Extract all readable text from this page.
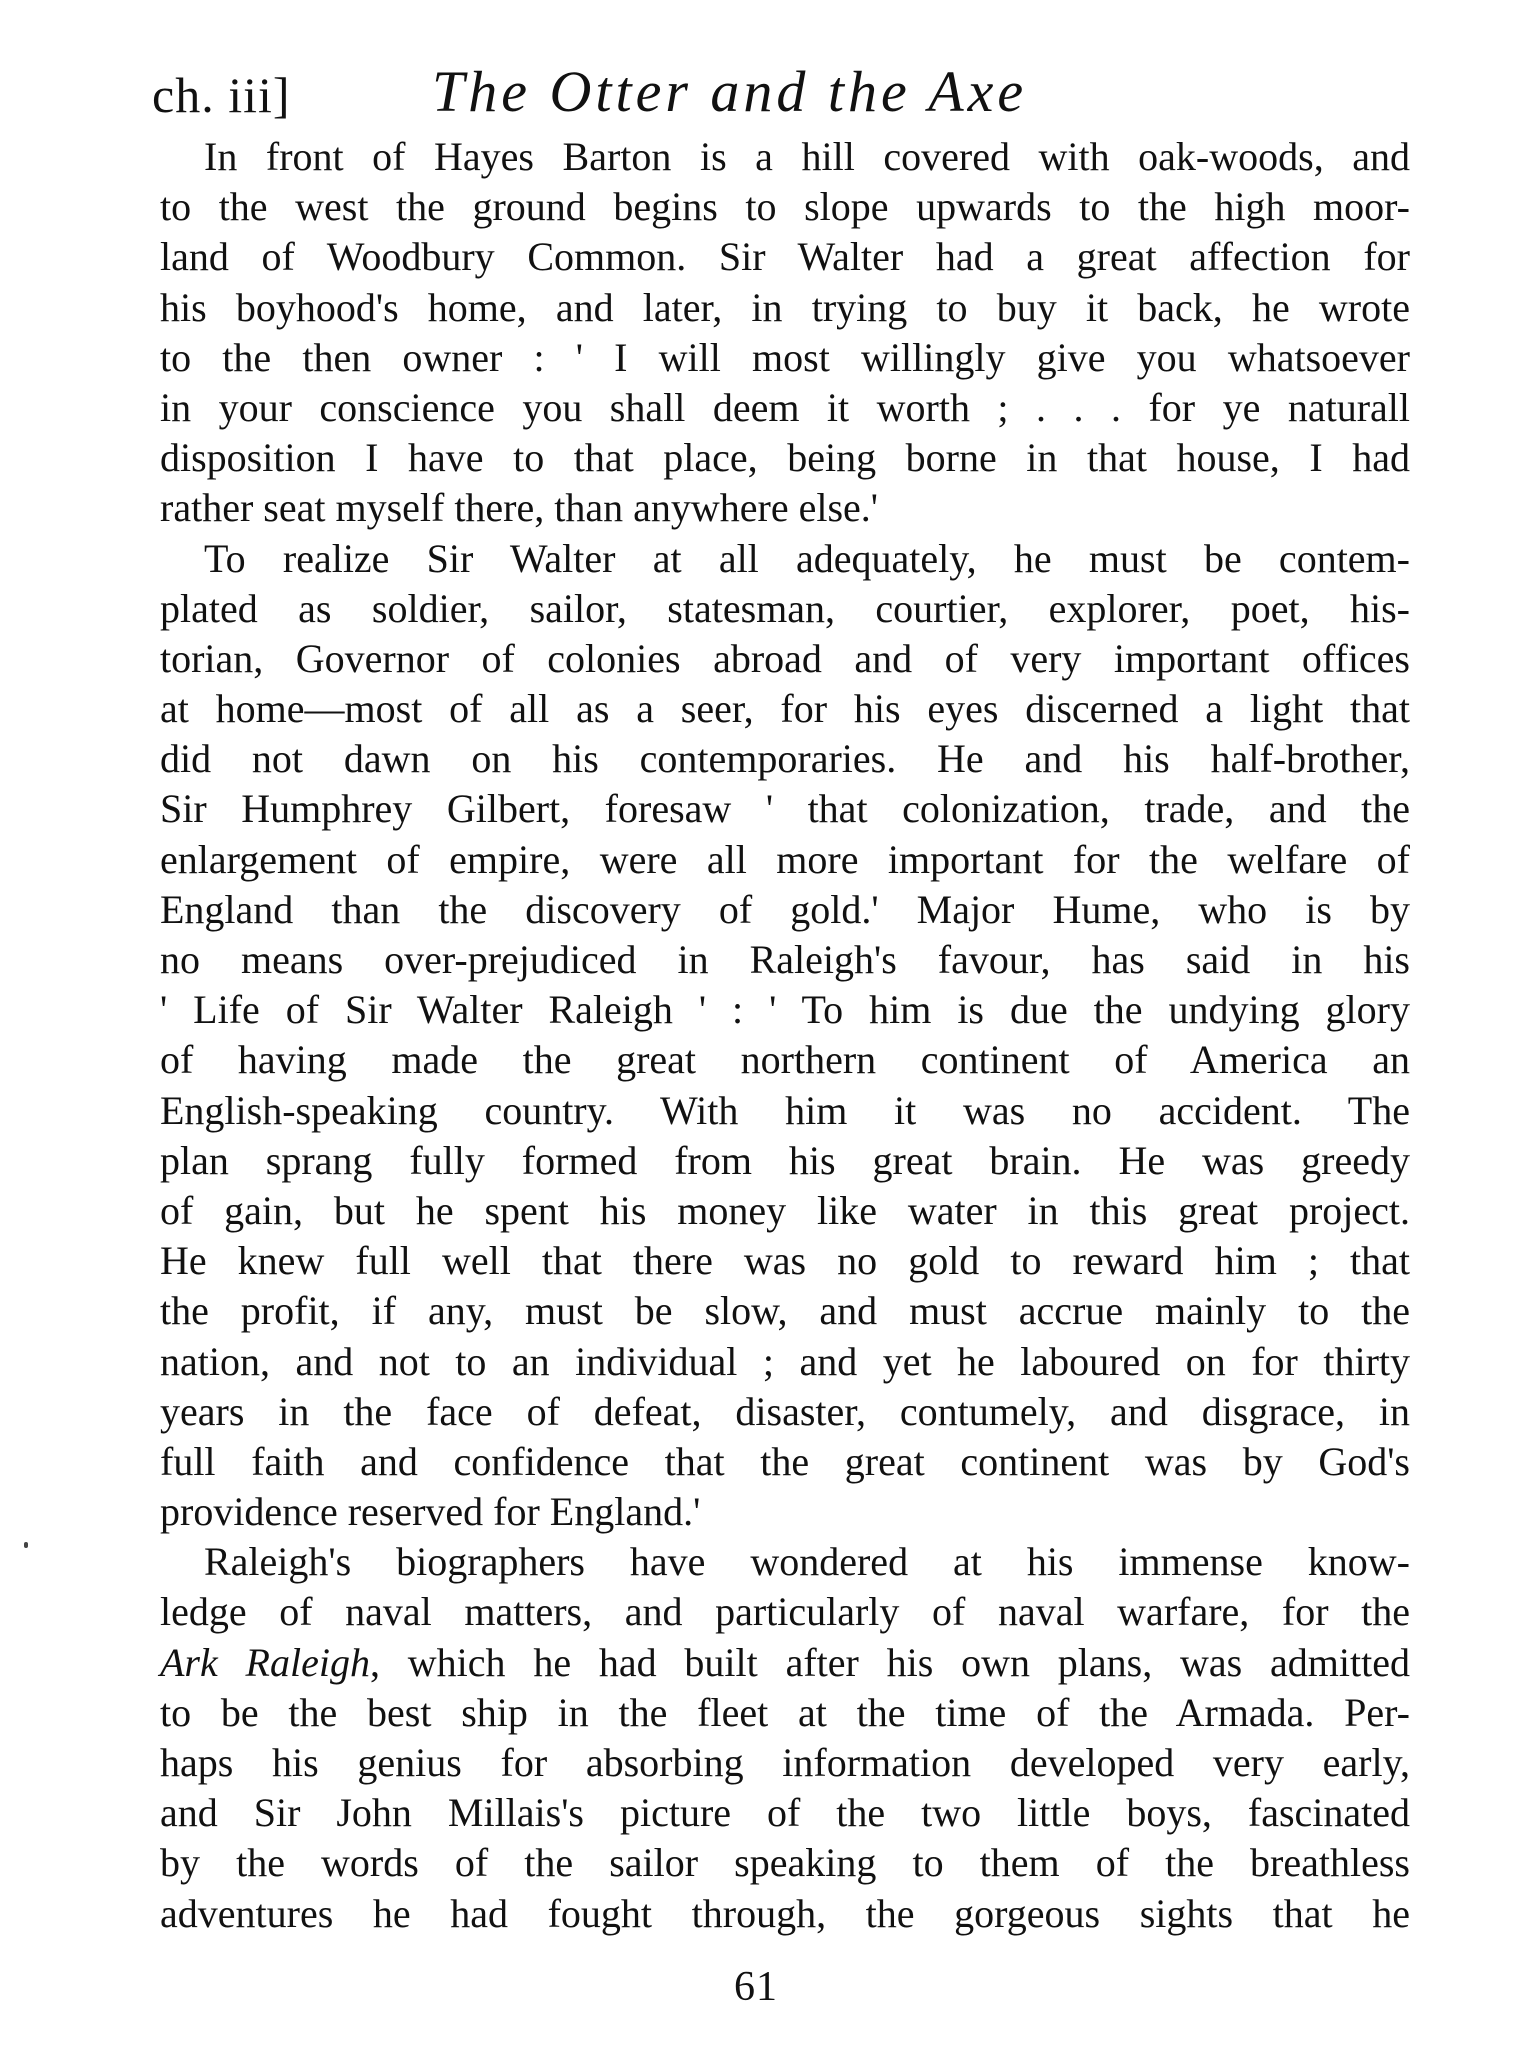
ch. iii] The Otter and the Axe
In front of Hayes Barton is a hill covered with oak-woods, and
to the west the ground begins to slope upwards to the high moor-
land of Woodbury Common. Sir Walter had a great affection for
his boyhood's home, and later, in trying to buy it back, he wrote
to the then owner : ' I will most willingly give you whatsoever
in your conscience you shall deem it worth ; . . . for ye naturall
disposition I have to that place, being borne in that house, I had
rather seat myself there, than anywhere else.'
To realize Sir Walter at all adequately, he must be contem-
plated as soldier, sailor, statesman, courtier, explorer, poet, his-
torian, Governor of colonies abroad and of very important offices
at home—most of all as a seer, for his eyes discerned a light that
did not dawn on his contemporaries. He and his half-brother,
Sir Humphrey Gilbert, foresaw ' that colonization, trade, and the
enlargement of empire, were all more important for the welfare of
England than the discovery of gold.' Major Hume, who is by
no means over-prejudiced in Raleigh's favour, has said in his
' Life of Sir Walter Raleigh ' : ' To him is due the undying glory
of having made the great northern continent of America an
English-speaking country. With him it was no accident. The
plan sprang fully formed from his great brain. He was greedy
of gain, but he spent his money like water in this great project.
He knew full well that there was no gold to reward him ; that
the profit, if any, must be slow, and must accrue mainly to the
nation, and not to an individual ; and yet he laboured on for thirty
years in the face of defeat, disaster, contumely, and disgrace, in
full faith and confidence that the great continent was by God's
providence reserved for England.'
Raleigh's biographers have wondered at his immense know-
ledge of naval matters, and particularly of naval warfare, for the
Ark Raleigh, which he had built after his own plans, was admitted
to be the best ship in the fleet at the time of the Armada. Per-
haps his genius for absorbing information developed very early,
and Sir John Millais's picture of the two little boys, fascinated
by the words of the sailor speaking to them of the breathless
adventures he had fought through, the gorgeous sights that he
61
